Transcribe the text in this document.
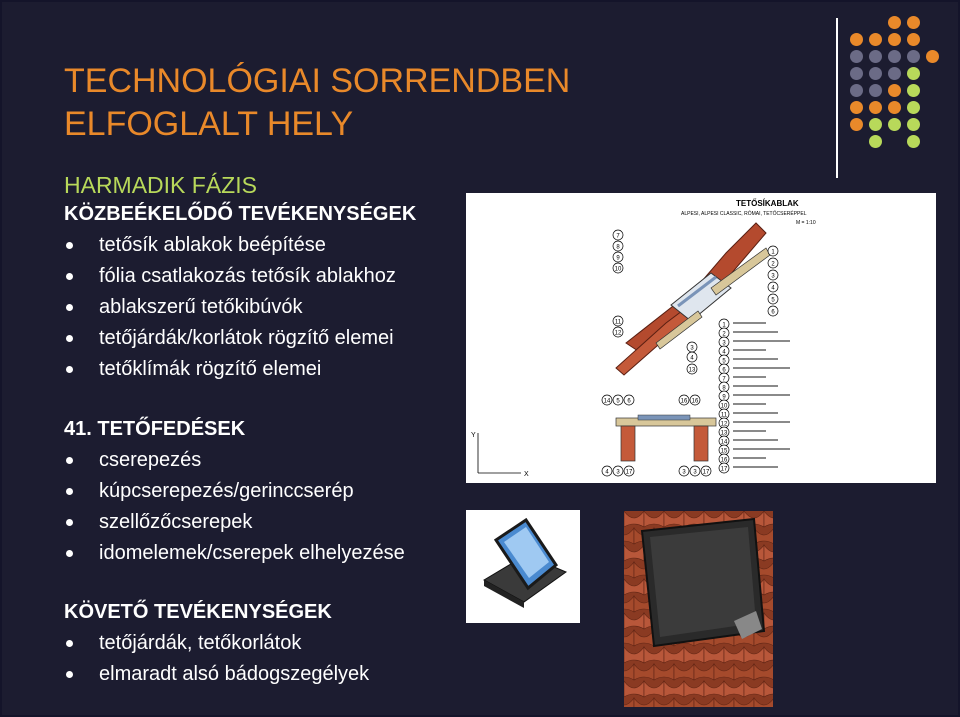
TECHNOLÓGIAI SORRENDBEN
ELFOGLALT HELY
HARMADIK FÁZIS
KÖZBEÉKELŐDŐ TEVÉKENYSÉGEK
tetősík ablakok beépítése
fólia csatlakozás tetősík ablakhoz
ablakszerű tetőkibúvók
tetőjárdák/korlátok rögzítő elemei
tetőklímák rögzítő elemei
41. TETŐFEDÉSEK
cserepezés
kúpcserepezés/gerinccserép
szellőzőcserepek
idomelemek/cserepek elhelyezése
KÖVETŐ TEVÉKENYSÉGEK
tetőjárdák, tetőkorlátok
elmaradt alsó bádogszegélyek
TETŐSÍKABLAK
ALPESI, ALPESI CLASSIC, RÓMAI, TETŐCSERÉPPEL
M = 1:10
7
8
9
10
11
12
3
4
13
1
2
3
4
5
6
1
2
3
4
5
6
7
8
9
10
11
12
13
14
15
16
17
14 5 6	16 16
4 3 17	3 3 17
Y
X
